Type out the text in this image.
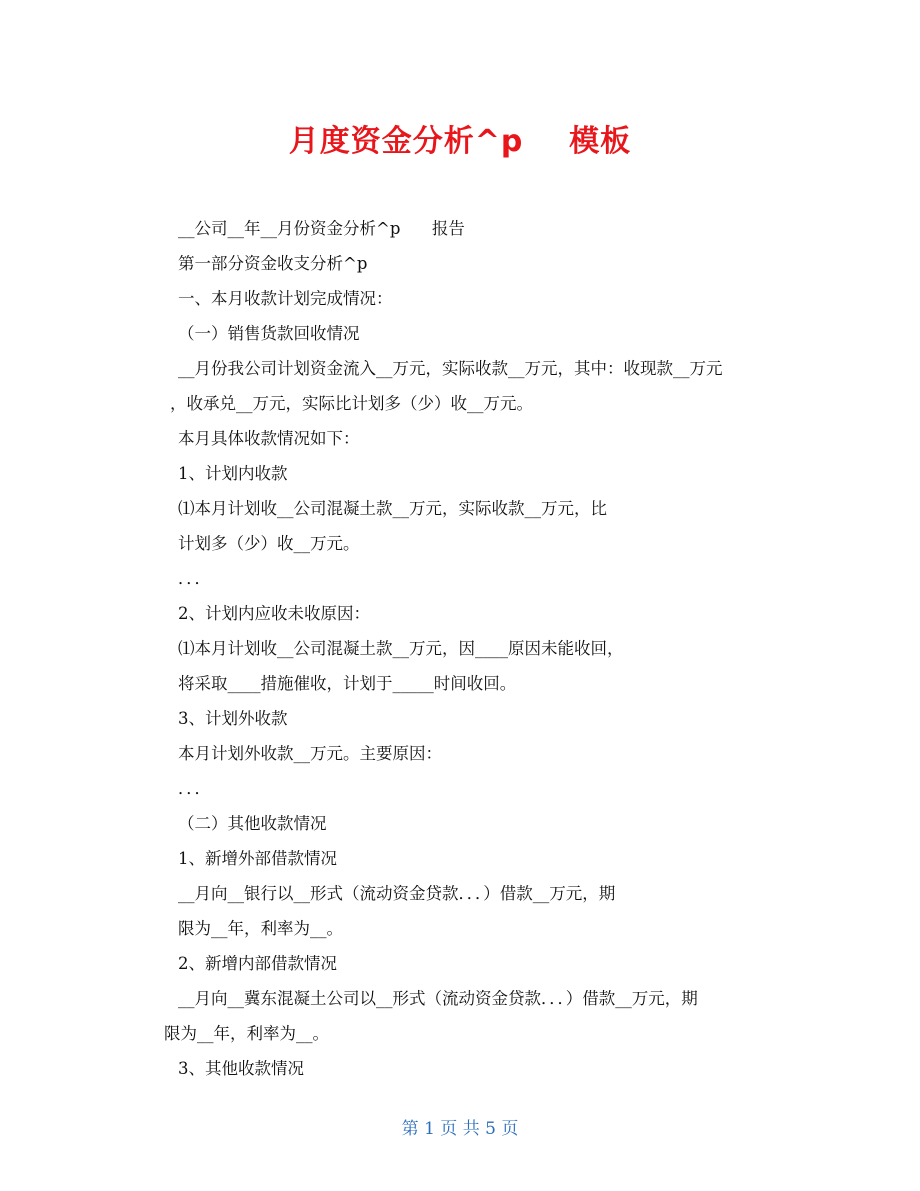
月度资金分析^p    模板
__公司__年__月份资金分析^p      报告
第一部分资金收支分析^p
一、本月收款计划完成情况：
（一）销售货款回收情况
__月份我公司计划资金流入__万元，实际收款__万元，其中：收现款__万元
，收承兑__万元，实际比计划多（少）收__万元。
本月具体收款情况如下：
1、计划内收款
⑴本月计划收__公司混凝土款__万元，实际收款__万元，比
计划多（少）收__万元。
．．．
2、计划内应收未收原因：
⑴本月计划收__公司混凝土款__万元，因____原因未能收回，
将采取____措施催收，计划于_____时间收回。
3、计划外收款
本月计划外收款__万元。主要原因：
．．．
（二）其他收款情况
1、新增外部借款情况
__月向__银行以__形式（流动资金贷款．．．）借款__万元，期
限为__年，利率为__。
2、新增内部借款情况
__月向__冀东混凝土公司以__形式（流动资金贷款．．．）借款__万元，期
限为__年，利率为__。
3、其他收款情况
第 1 页 共 5 页
